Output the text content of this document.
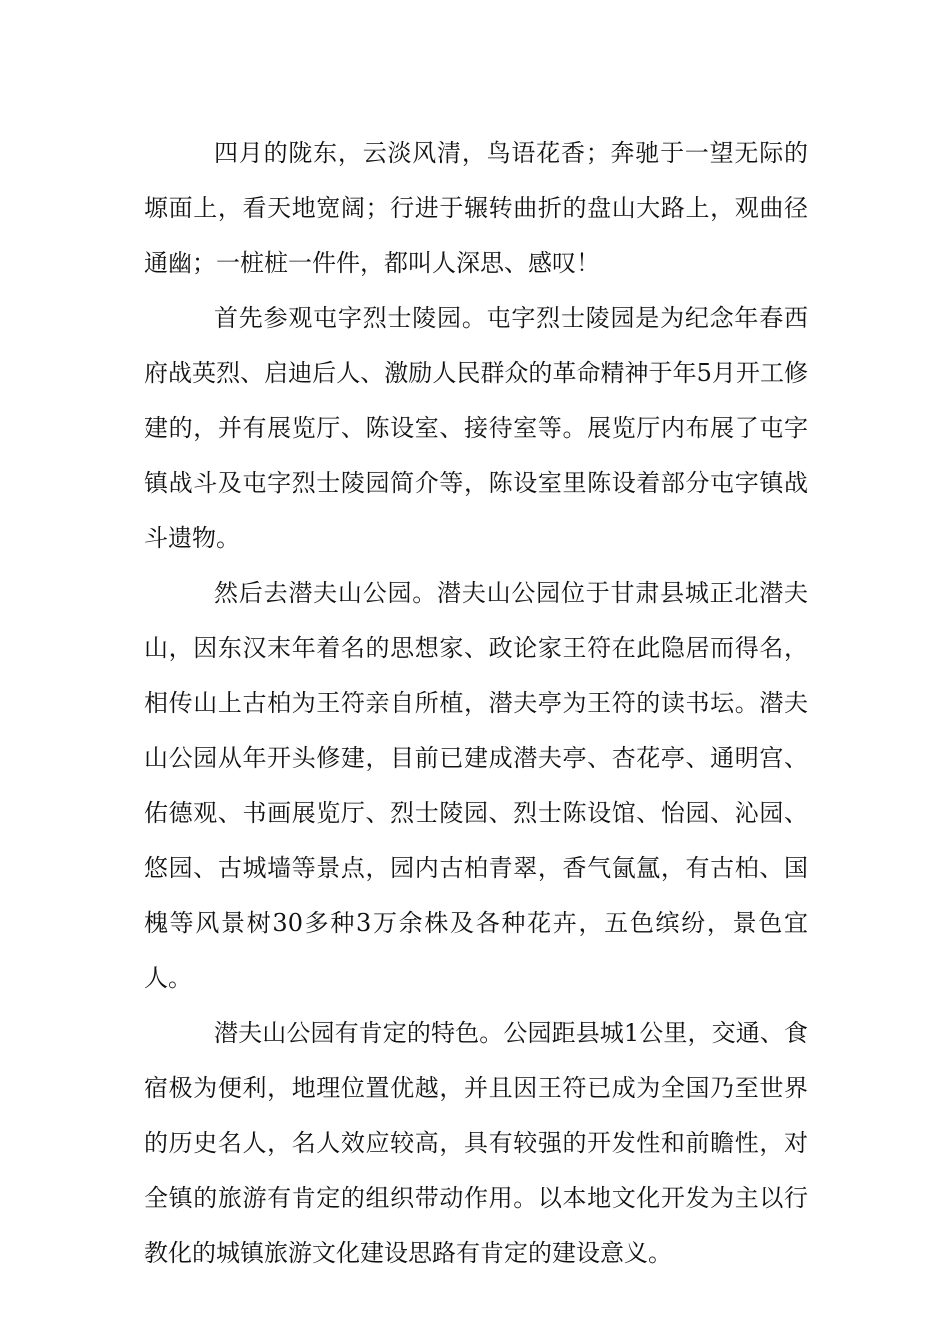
四月的陇东，云淡风清，鸟语花香；奔驰于一望无际的塬面上，看天地宽阔；行进于辗转曲折的盘山大路上，观曲径通幽；一桩桩一件件，都叫人深思、感叹！

首先参观屯字烈士陵园。屯字烈士陵园是为纪念年春西府战英烈、启迪后人、激励人民群众的革命精神于年5月开工修建的，并有展览厅、陈设室、接待室等。展览厅内布展了屯字镇战斗及屯字烈士陵园简介等，陈设室里陈设着部分屯字镇战斗遗物。

然后去潜夫山公园。潜夫山公园位于甘肃县城正北潜夫山，因东汉末年着名的思想家、政论家王符在此隐居而得名，相传山上古柏为王符亲自所植，潜夫亭为王符的读书坛。潜夫山公园从年开头修建，目前已建成潜夫亭、杏花亭、通明宫、佑德观、书画展览厅、烈士陵园、烈士陈设馆、怡园、沁园、悠园、古城墙等景点，园内古柏青翠，香气氤氲，有古柏、国槐等风景树30多种3万余株及各种花卉，五色缤纷，景色宜人。

潜夫山公园有肯定的特色。公园距县城1公里，交通、食宿极为便利，地理位置优越，并且因王符已成为全国乃至世界的历史名人，名人效应较高，具有较强的开发性和前瞻性，对全镇的旅游有肯定的组织带动作用。以本地文化开发为主以行教化的城镇旅游文化建设思路有肯定的建设意义。
